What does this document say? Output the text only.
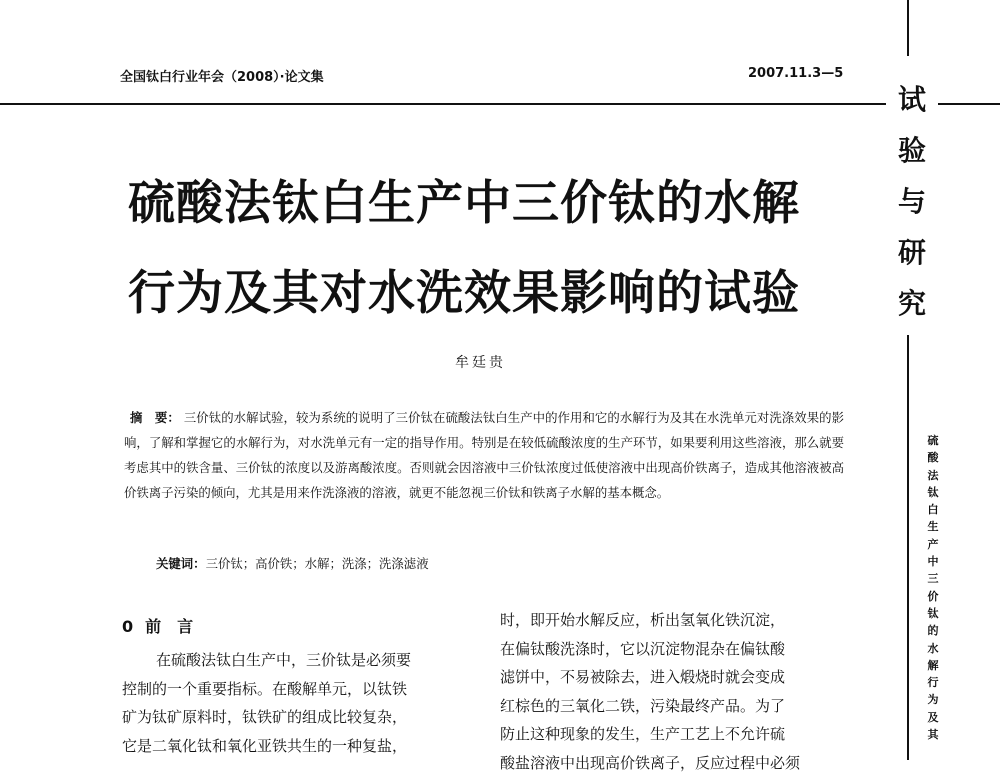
全国钛白行业年会（2008）·论文集	2007.11.3—5
试
验
与
研
究
硫
酸
法
钛
白
生
产
中
三
价
钛
的
水
解
行
为
及
其
硫酸法钛白生产中三价钛的水解
行为及其对水洗效果影响的试验
牟廷贵
摘　要： 三价钛的水解试验，较为系统的说明了三价钛在硫酸法钛白生产中的作用和它的水解行为及其在水洗单元对洗涤效果的影响，了解和掌握它的水解行为，对水洗单元有一定的指导作用。特别是在较低硫酸浓度的生产环节，如果要利用这些溶液，那么就要考虑其中的铁含量、三价钛的浓度以及游离酸浓度。否则就会因溶液中三价钛浓度过低使溶液中出现高价铁离子，造成其他溶液被高价铁离子污染的倾向，尤其是用来作洗涤液的溶液，就更不能忽视三价钛和铁离子水解的基本概念。
关键词：三价钛；高价铁；水解；洗涤；洗涤滤液
0 前　言
在硫酸法钛白生产中，三价钛是必须要
控制的一个重要指标。在酸解单元，以钛铁
矿为钛矿原料时，钛铁矿的组成比较复杂，
它是二氧化钛和氧化亚铁共生的一种复盐，
时，即开始水解反应，析出氢氧化铁沉淀，
在偏钛酸洗涤时，它以沉淀物混杂在偏钛酸
滤饼中，不易被除去，进入煅烧时就会变成
红棕色的三氧化二铁，污染最终产品。为了
防止这种现象的发生，生产工艺上不允许硫
酸盐溶液中出现高价铁离子，反应过程中必须
